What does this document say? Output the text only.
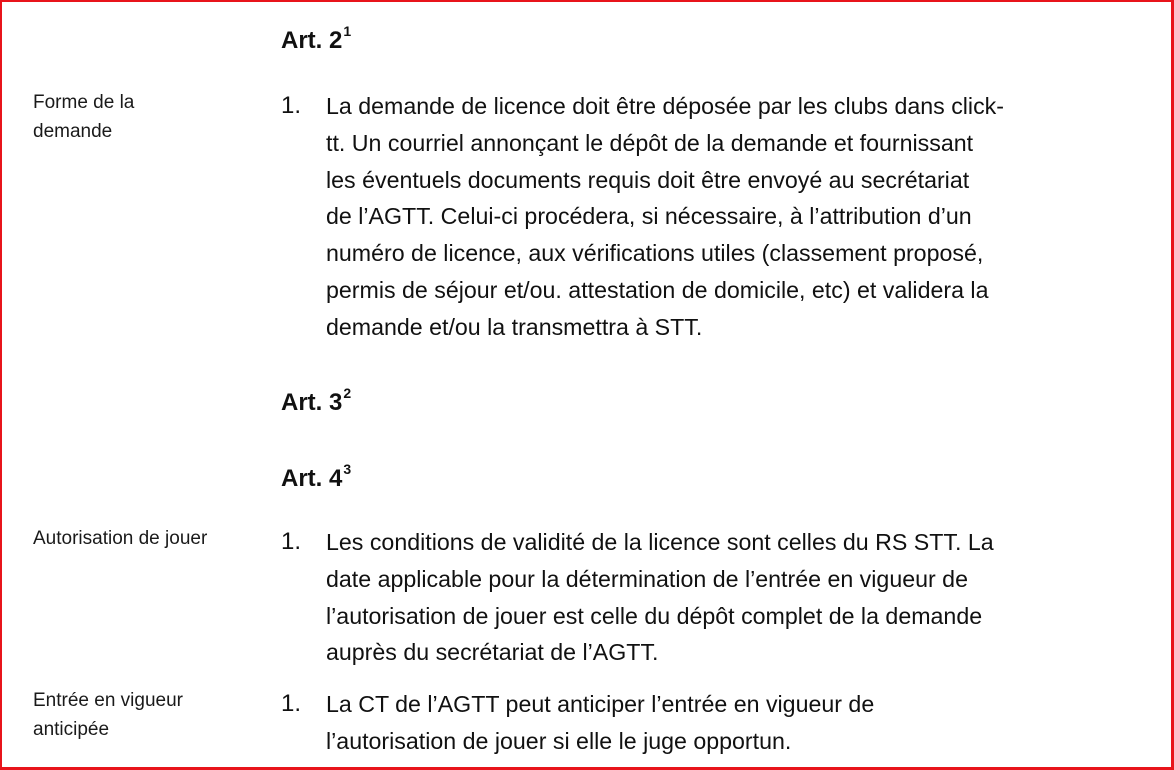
Art. $2^1$

Forme de la
demande

1. La demande de licence doit être déposée par les clubs dans click-
tt. Un courriel annonçant le dépôt de la demande et fournissant
les éventuels documents requis doit être envoyé au secrétariat
de l’AGTT. Celui-ci procédera, si nécessaire, à l’attribution d’un
numéro de licence, aux vérifications utiles (classement proposé,
permis de séjour et/ou. attestation de domicile, etc) et validera la
demande et/ou la transmettra à STT.

Art. $3^2$
Art. $4^3$

Autorisation de jouer	1. Les conditions de validité de la licence sont celles du RS STT. La
date applicable pour la détermination de l’entrée en vigueur de
l’autorisation de jouer est celle du dépôt complet de la demande
auprès du secrétariat de l’AGTT.

Entrée en vigueur
anticipée

1. La CT de l’AGTT peut anticiper l’entrée en vigueur de
l’autorisation de jouer si elle le juge opportun.
